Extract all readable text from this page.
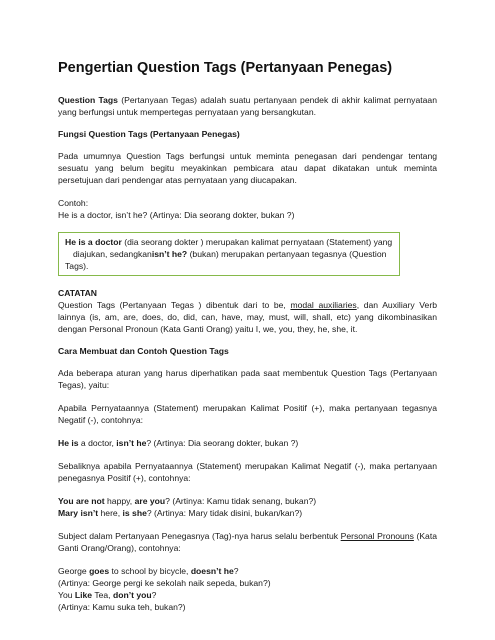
Pengertian Question Tags (Pertanyaan Penegas)

Question Tags (Pertanyaan Tegas) adalah suatu pertanyaan pendek di akhir kalimat pernyataan yang berfungsi untuk mempertegas pernyataan yang bersangkutan.

Fungsi Question Tags (Pertanyaan Penegas)

Pada umumnya Question Tags berfungsi untuk meminta penegasan dari pendengar tentang sesuatu yang belum begitu meyakinkan pembicara atau dapat dikatakan untuk meminta persetujuan dari pendengar atas pernyataan yang diucapakan.

Contoh:

He is a doctor, isn’t he? (Artinya: Dia seorang dokter, bukan ?)

He is a doctor (dia seorang dokter ) merupakan kalimat pernyataan (Statement) yang
diajukan, sedangkanisn’t he? (bukan) merupakan pertanyaan tegasnya (Question Tags).

CATATAN

Question Tags (Pertanyaan Tegas ) dibentuk dari to be, modal auxiliaries, dan Auxiliary Verb lainnya (is, am, are, does, do, did, can, have, may, must, will, shall, etc) yang dikombinasikan dengan Personal Pronoun (Kata Ganti Orang) yaitu I, we, you, they, he, she, it.

Cara Membuat dan Contoh Question Tags

Ada beberapa aturan yang harus diperhatikan pada saat membentuk Question Tags (Pertanyaan Tegas), yaitu:

Apabila Pernyataannya (Statement) merupakan Kalimat Positif (+), maka pertanyaan tegasnya Negatif (-), contohnya:

He is a doctor, isn’t he? (Artinya: Dia seorang dokter, bukan ?)

Sebaliknya apabila Pernyataannya (Statement) merupakan Kalimat Negatif (-), maka pertanyaan penegasnya Positif (+), contohnya:

You are not happy, are you? (Artinya: Kamu tidak senang, bukan?)

Mary isn’t here, is she? (Artinya: Mary tidak disini, bukan/kan?)

Subject dalam Pertanyaan Penegasnya (Tag)-nya harus selalu berbentuk Personal Pronouns (Kata Ganti Orang/Orang), contohnya:

George goes to school by bicycle, doesn’t he?

(Artinya: George pergi ke sekolah naik sepeda, bukan?)

You Like Tea, don’t you?

(Artinya: Kamu suka teh, bukan?)
